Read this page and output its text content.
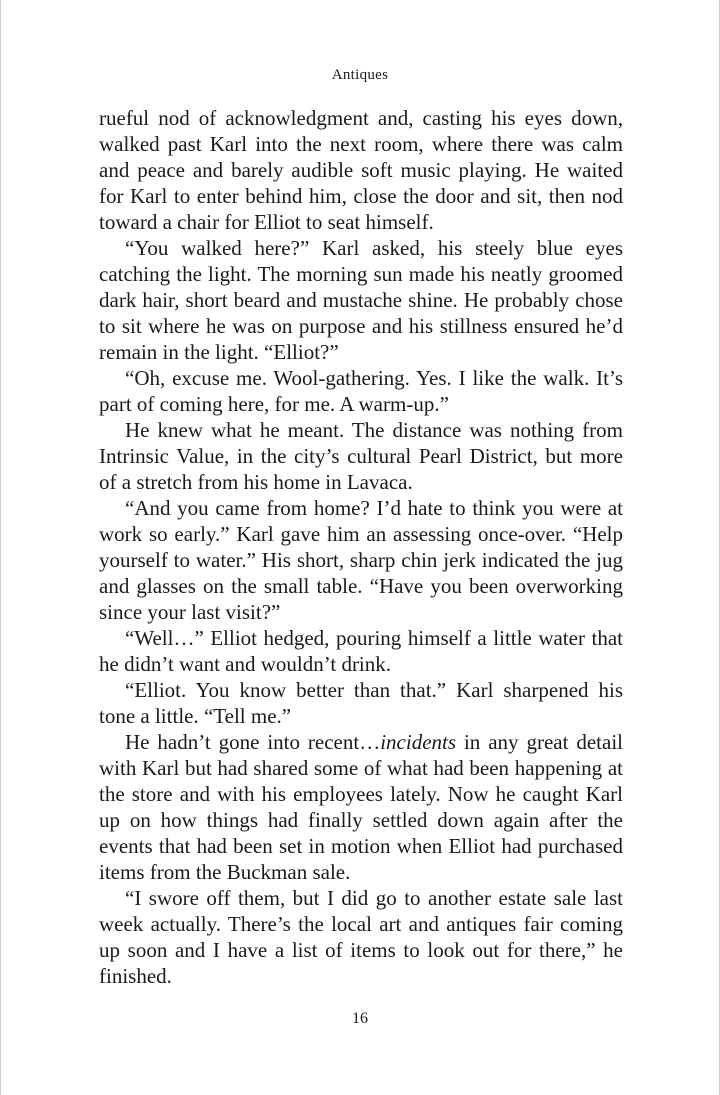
Antiques

rueful nod of acknowledgment and, casting his eyes down, walked past Karl into the next room, where there was calm and peace and barely audible soft music playing. He waited for Karl to enter behind him, close the door and sit, then nod toward a chair for Elliot to seat himself.

“You walked here?” Karl asked, his steely blue eyes catching the light. The morning sun made his neatly groomed dark hair, short beard and mustache shine. He probably chose to sit where he was on purpose and his stillness ensured he’d remain in the light. “Elliot?”

“Oh, excuse me. Wool-gathering. Yes. I like the walk. It’s part of coming here, for me. A warm-up.”

He knew what he meant. The distance was nothing from Intrinsic Value, in the city’s cultural Pearl District, but more of a stretch from his home in Lavaca.

“And you came from home? I’d hate to think you were at work so early.” Karl gave him an assessing once-over. “Help yourself to water.” His short, sharp chin jerk indicated the jug and glasses on the small table. “Have you been overworking since your last visit?”

“Well…” Elliot hedged, pouring himself a little water that he didn’t want and wouldn’t drink.

“Elliot. You know better than that.” Karl sharpened his tone a little. “Tell me.”

He hadn’t gone into recent…incidents in any great detail with Karl but had shared some of what had been happening at the store and with his employees lately. Now he caught Karl up on how things had finally settled down again after the events that had been set in motion when Elliot had purchased items from the Buckman sale.

“I swore off them, but I did go to another estate sale last week actually. There’s the local art and antiques fair coming up soon and I have a list of items to look out for there,” he finished.

16
